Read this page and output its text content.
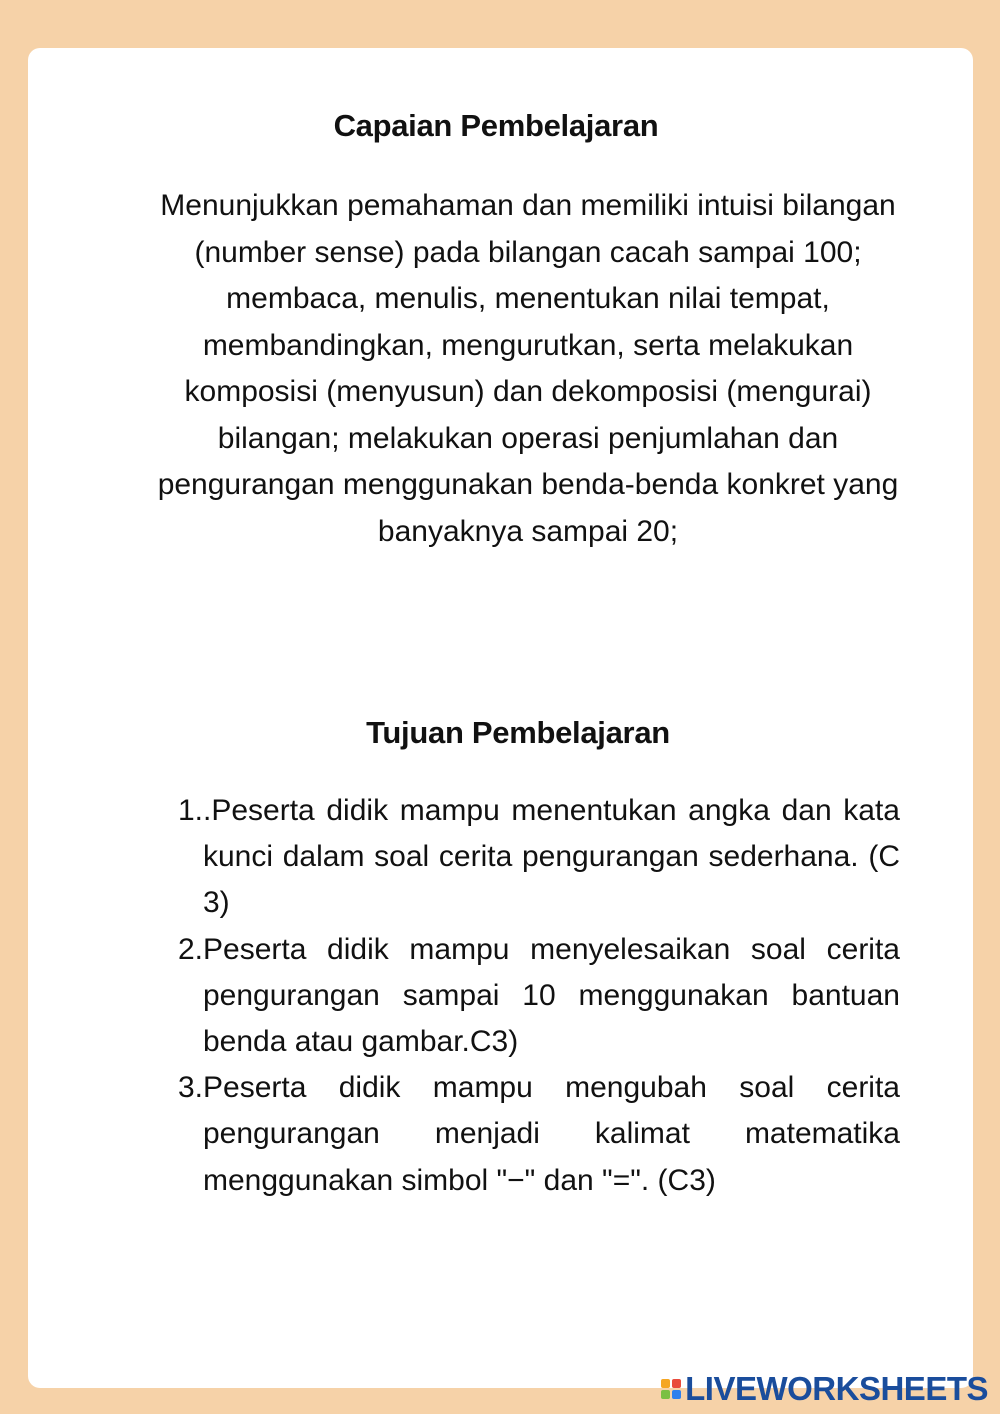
Capaian Pembelajaran

Menunjukkan pemahaman dan memiliki intuisi bilangan (number sense) pada bilangan cacah sampai 100; membaca, menulis, menentukan nilai tempat, membandingkan, mengurutkan, serta melakukan komposisi (menyusun) dan dekomposisi (mengurai) bilangan; melakukan operasi penjumlahan dan pengurangan menggunakan benda-benda konkret yang banyaknya sampai 20;

Tujuan Pembelajaran
1. .Peserta didik mampu menentukan angka dan kata kunci dalam soal cerita pengurangan sederhana. (C 3)
2. Peserta didik mampu menyelesaikan soal cerita pengurangan sampai 10 menggunakan bantuan benda atau gambar.C3)
3. Peserta didik mampu mengubah soal cerita pengurangan menjadi kalimat matematika menggunakan simbol "−" dan "=". (C3)
LIVEWORKSHEETS
